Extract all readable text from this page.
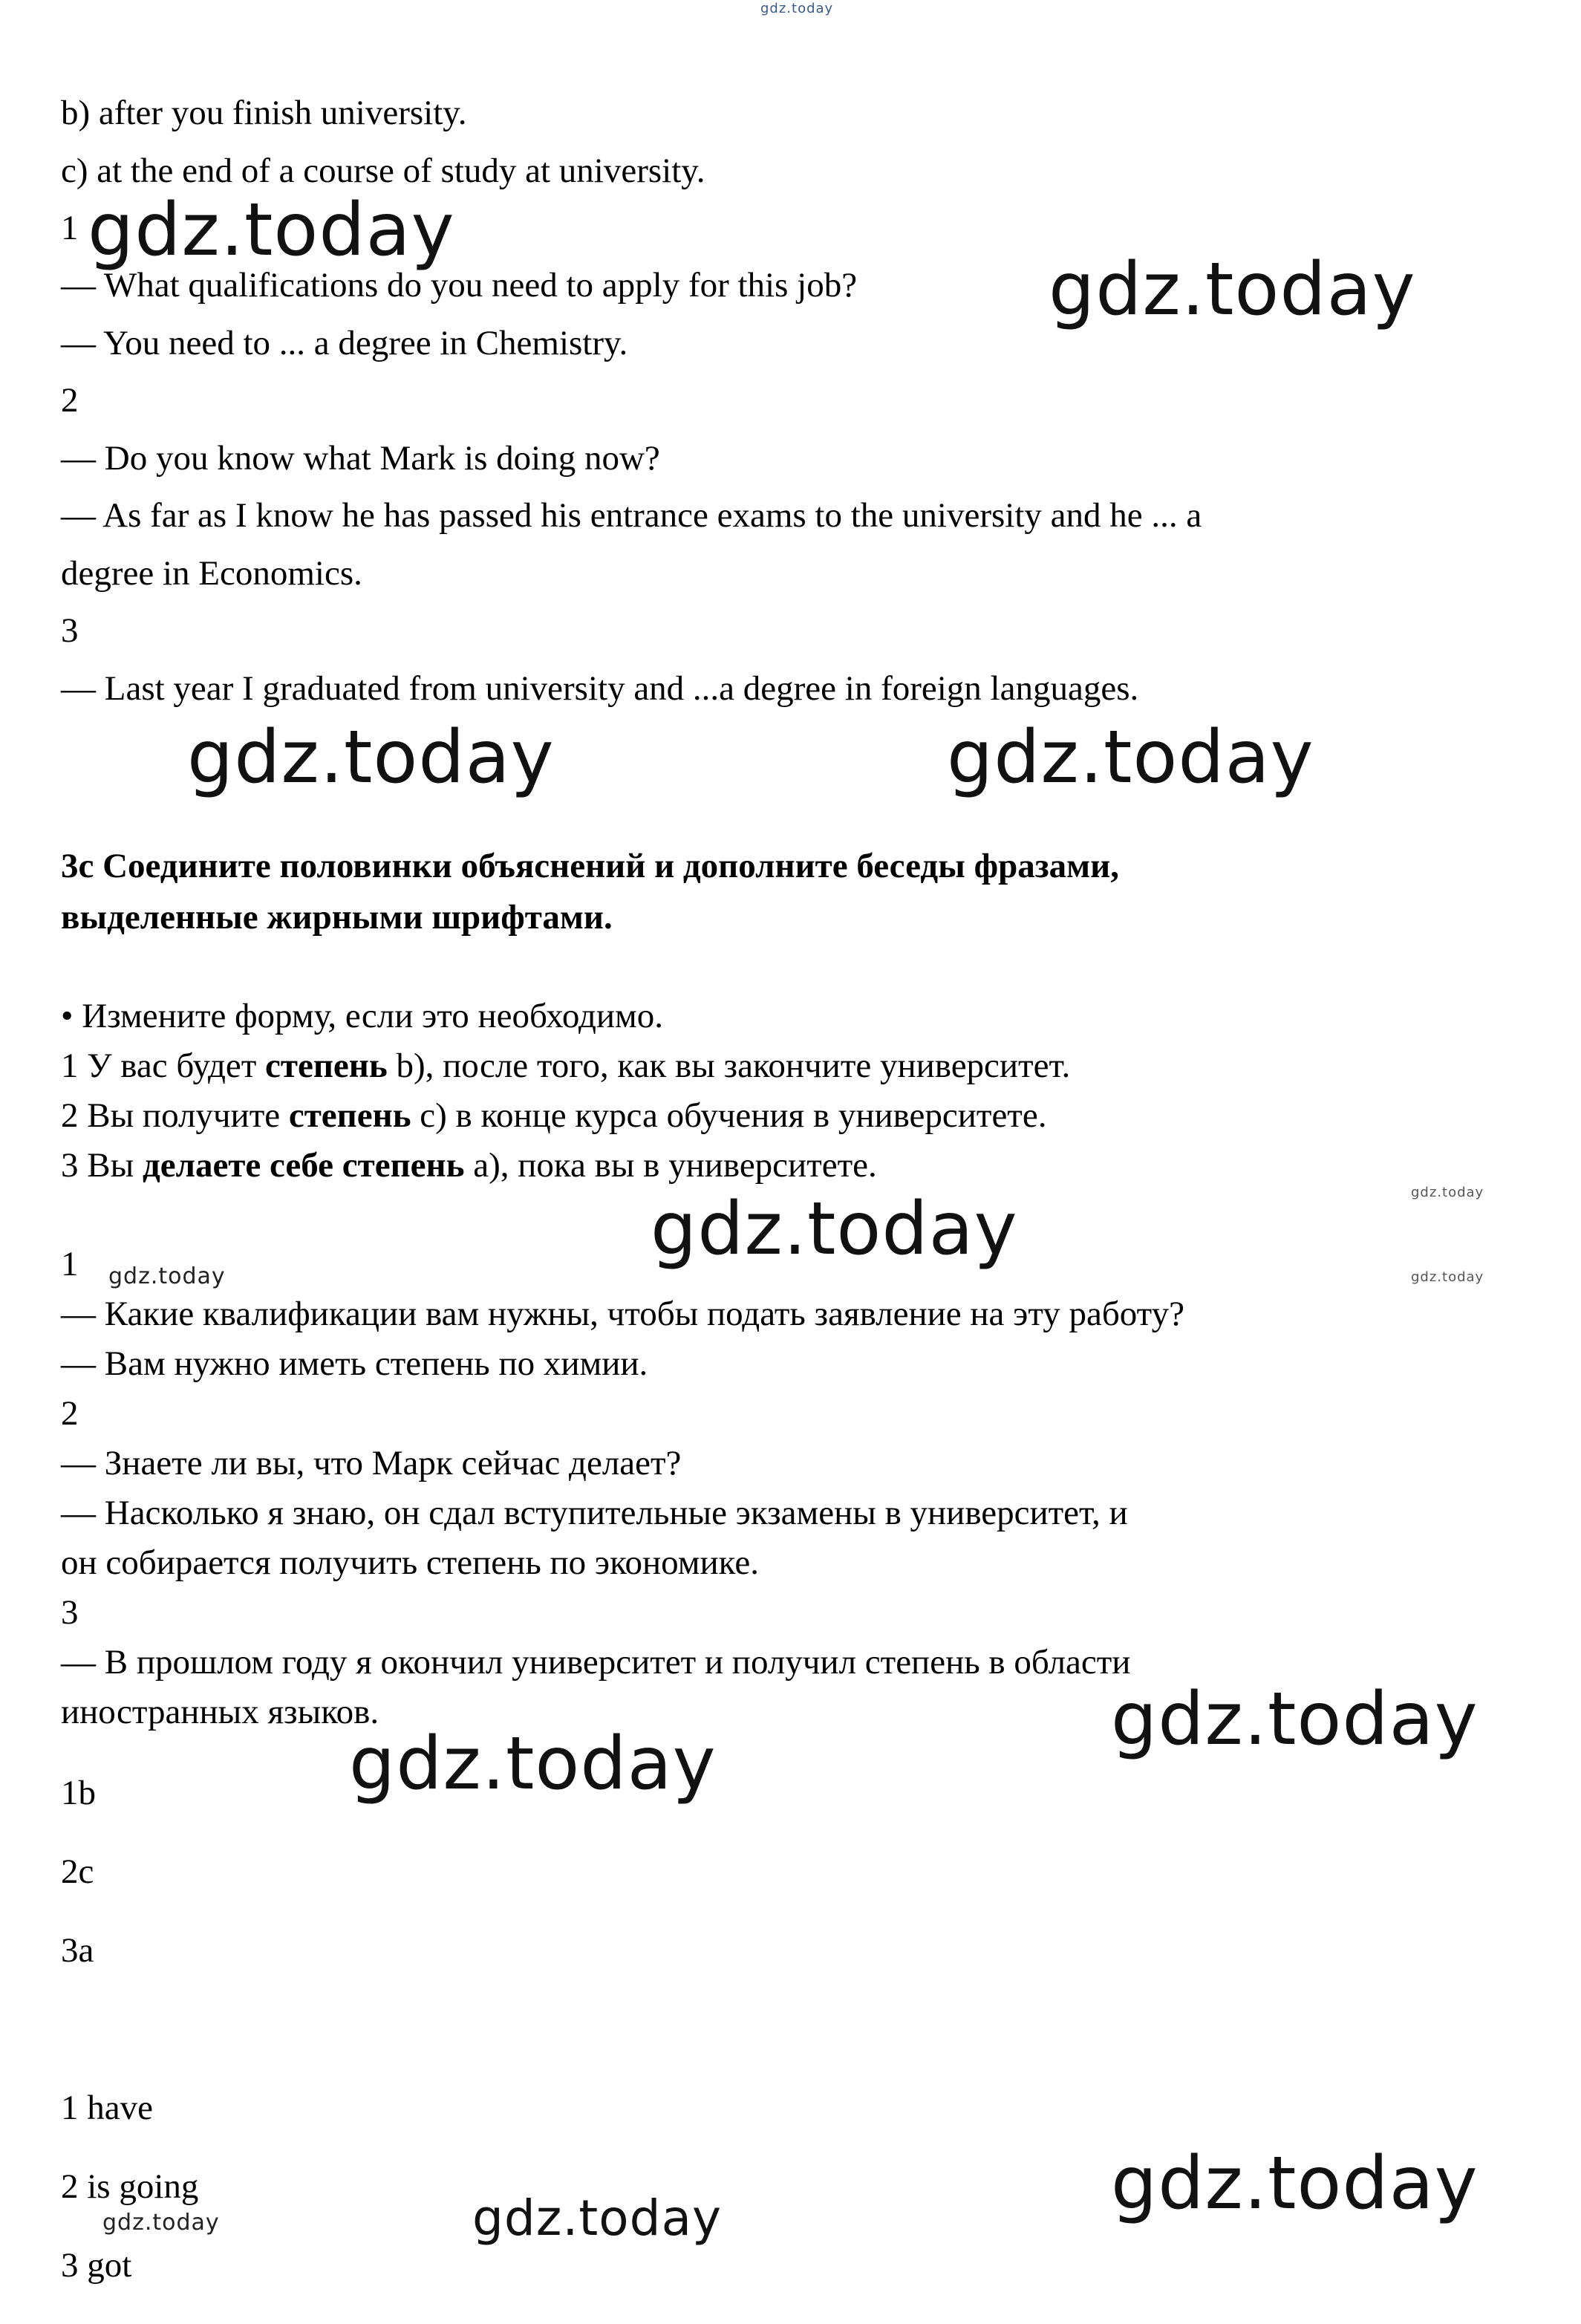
gdz.today
gdz.today
gdz.today
gdz.today	gdz.today
gdz.today	gdz.today
gdz.today
gdz.today
gdz.today
gdz.today
gdz.today
gdz.today
gdz.today
b) after you finish university.
c) at the end of a course of study at university.
1
— What qualifications do you need to apply for this job?
— You need to ... a degree in Chemistry.
2
— Do you know what Mark is doing now?
— As far as I know he has passed his entrance exams to the university and he ... a
degree in Economics.
3
— Last year I graduated from university and ...a degree in foreign languages.
3c Соедините половинки объяснений и дополните беседы фразами,
выделенные жирными шрифтами.
• Измените форму, если это необходимо.
1 У вас будет степень b), после того, как вы закончите университет.
2 Вы получите степень c) в конце курса обучения в университете.
3 Вы делаете себе степень a), пока вы в университете.
1
— Какие квалификации вам нужны, чтобы подать заявление на эту работу?
— Вам нужно иметь степень по химии.
2
— Знаете ли вы, что Марк сейчас делает?
— Насколько я знаю, он сдал вступительные экзамены в университет, и
он собирается получить степень по экономике.
3
— В прошлом году я окончил университет и получил степень в области
иностранных языков.
1b
2c
3a
1 have
2 is going
3 got
